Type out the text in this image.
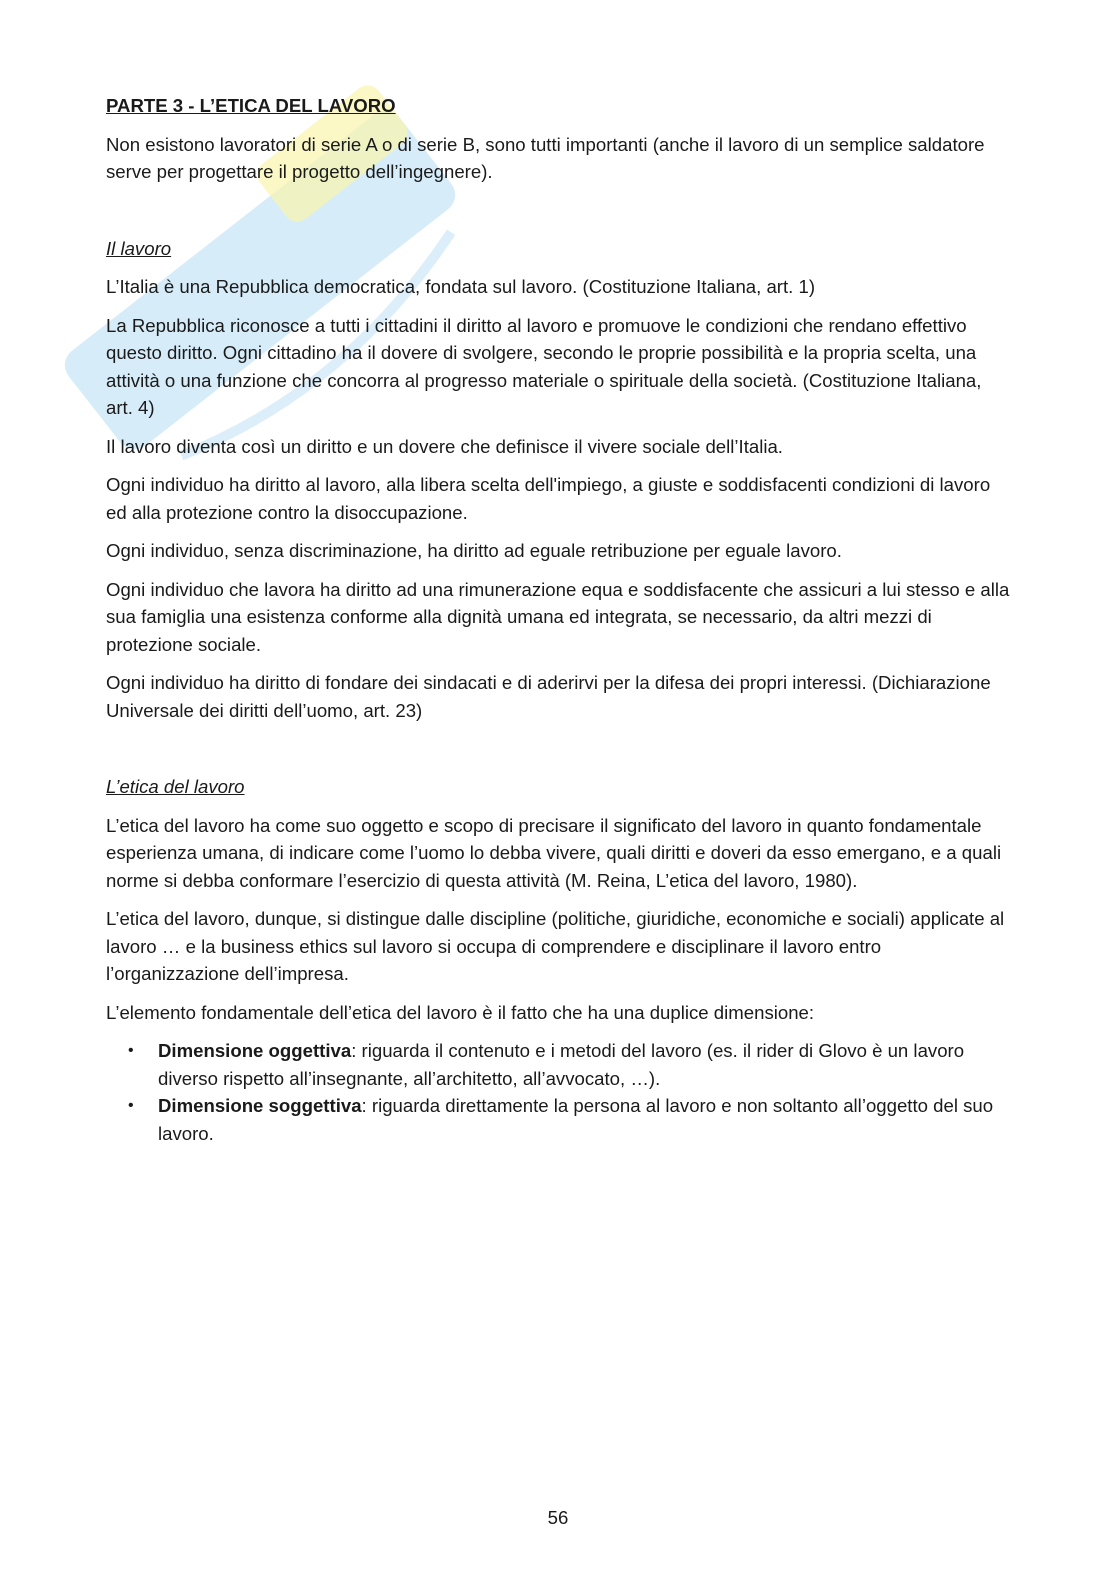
PARTE 3 - L’ETICA DEL LAVORO

Non esistono lavoratori di serie A o di serie B, sono tutti importanti (anche il lavoro di un semplice saldatore serve per progettare il progetto dell’ingegnere).

Il lavoro

L’Italia è una Repubblica democratica, fondata sul lavoro. (Costituzione Italiana, art. 1)

La Repubblica riconosce a tutti i cittadini il diritto al lavoro e promuove le condizioni che rendano effettivo questo diritto. Ogni cittadino ha il dovere di svolgere, secondo le proprie possibilità e la propria scelta, una attività o una funzione che concorra al progresso materiale o spirituale della società. (Costituzione Italiana, art. 4)

Il lavoro diventa così un diritto e un dovere che definisce il vivere sociale dell’Italia.

Ogni individuo ha diritto al lavoro, alla libera scelta dell'impiego, a giuste e soddisfacenti condizioni di lavoro ed alla protezione contro la disoccupazione.

Ogni individuo, senza discriminazione, ha diritto ad eguale retribuzione per eguale lavoro.

Ogni individuo che lavora ha diritto ad una rimunerazione equa e soddisfacente che assicuri a lui stesso e alla sua famiglia una esistenza conforme alla dignità umana ed integrata, se necessario, da altri mezzi di protezione sociale.

Ogni individuo ha diritto di fondare dei sindacati e di aderirvi per la difesa dei propri interessi. (Dichiarazione Universale dei diritti dell’uomo, art. 23)

L’etica del lavoro

L’etica del lavoro ha come suo oggetto e scopo di precisare il significato del lavoro in quanto fondamentale esperienza umana, di indicare come l’uomo lo debba vivere, quali diritti e doveri da esso emergano, e a quali norme si debba conformare l’esercizio di questa attività (M. Reina, L’etica del lavoro, 1980).

L’etica del lavoro, dunque, si distingue dalle discipline (politiche, giuridiche, economiche e sociali) applicate al lavoro … e la business ethics sul lavoro si occupa di comprendere e disciplinare il lavoro entro l’organizzazione dell’impresa.

L’elemento fondamentale dell’etica del lavoro è il fatto che ha una duplice dimensione:

• Dimensione oggettiva: riguarda il contenuto e i metodi del lavoro (es. il rider di Glovo è un lavoro diverso rispetto all’insegnante, all’architetto, all’avvocato, …).
• Dimensione soggettiva: riguarda direttamente la persona al lavoro e non soltanto all’oggetto del suo lavoro.
56
